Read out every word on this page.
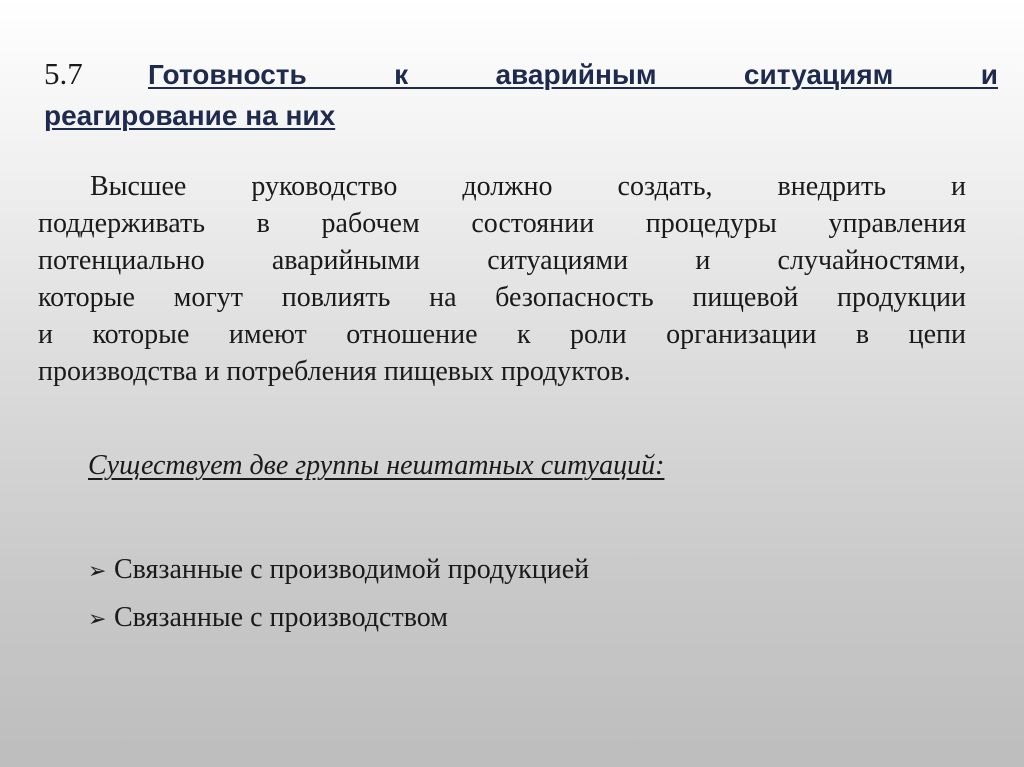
5.7	Готовность к аварийным ситуациям и
реагирование на них
Высшее руководство должно создать, внедрить и
поддерживать в рабочем состоянии процедуры управления
потенциально аварийными ситуациями и случайностями,
которые могут повлиять на безопасность пищевой продукции
и которые имеют отношение к роли организации в цепи
производства и потребления пищевых продуктов.
Существует две группы нештатных ситуаций:
➢ Связанные с производимой продукцией
➢ Связанные с производством
